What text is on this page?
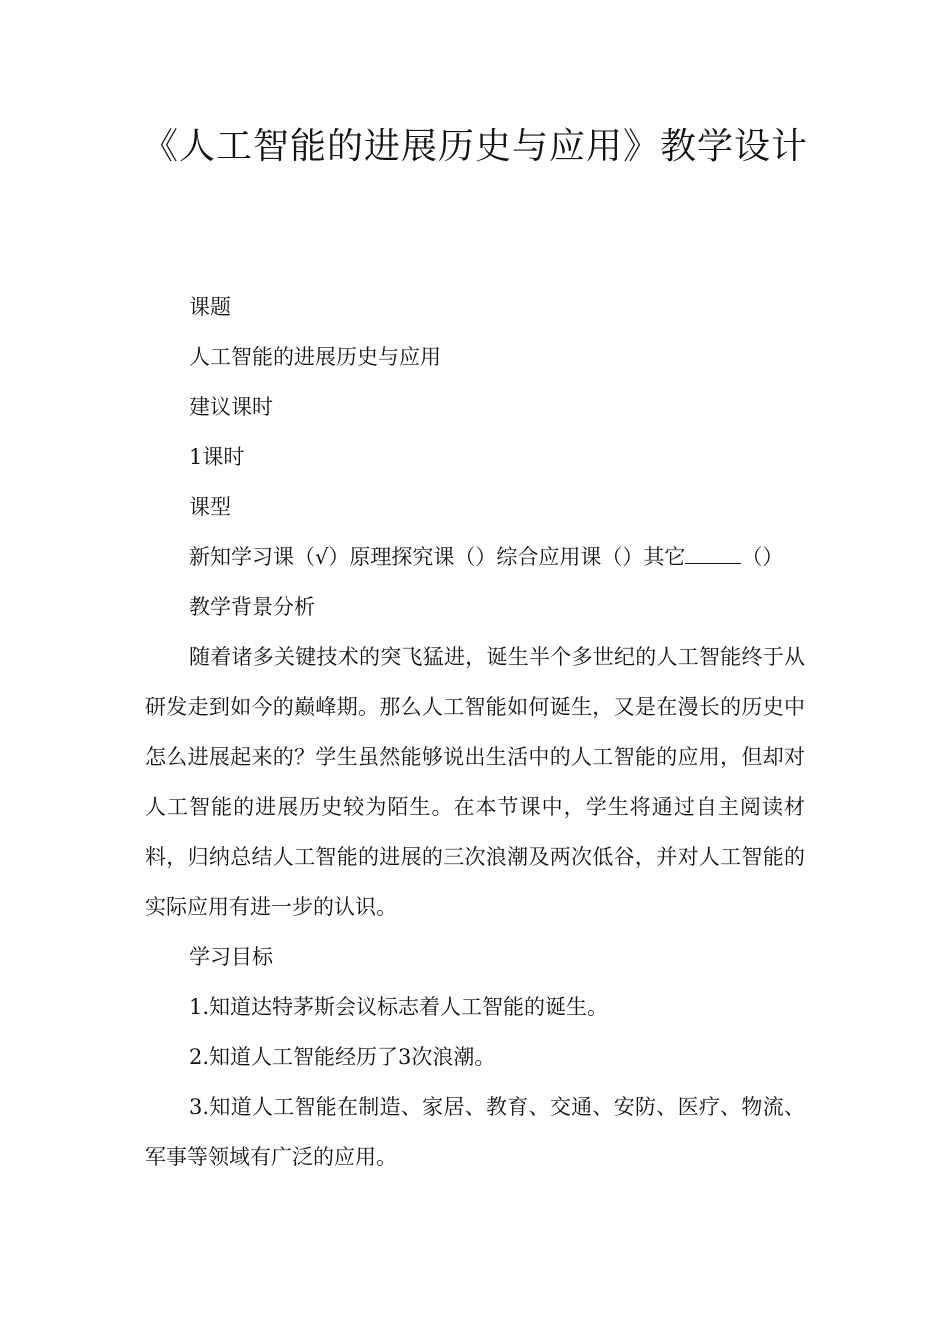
《人工智能的进展历史与应用》教学设计

课题

人工智能的进展历史与应用

建议课时

1课时

课型

新知学习课（√）原理探究课（）综合应用课（）其它	（）

教学背景分析

随着诸多关键技术的突飞猛进，诞生半个多世纪的人工智能终于从研发走到如今的巅峰期。那么人工智能如何诞生，又是在漫长的历史中怎么进展起来的？学生虽然能够说出生活中的人工智能的应用，但却对人工智能的进展历史较为陌生。在本节课中，学生将通过自主阅读材料，归纳总结人工智能的进展的三次浪潮及两次低谷，并对人工智能的实际应用有进一步的认识。

学习目标

1.知道达特茅斯会议标志着人工智能的诞生。

2.知道人工智能经历了3次浪潮。

3.知道人工智能在制造、家居、教育、交通、安防、医疗、物流、军事等领域有广泛的应用。
